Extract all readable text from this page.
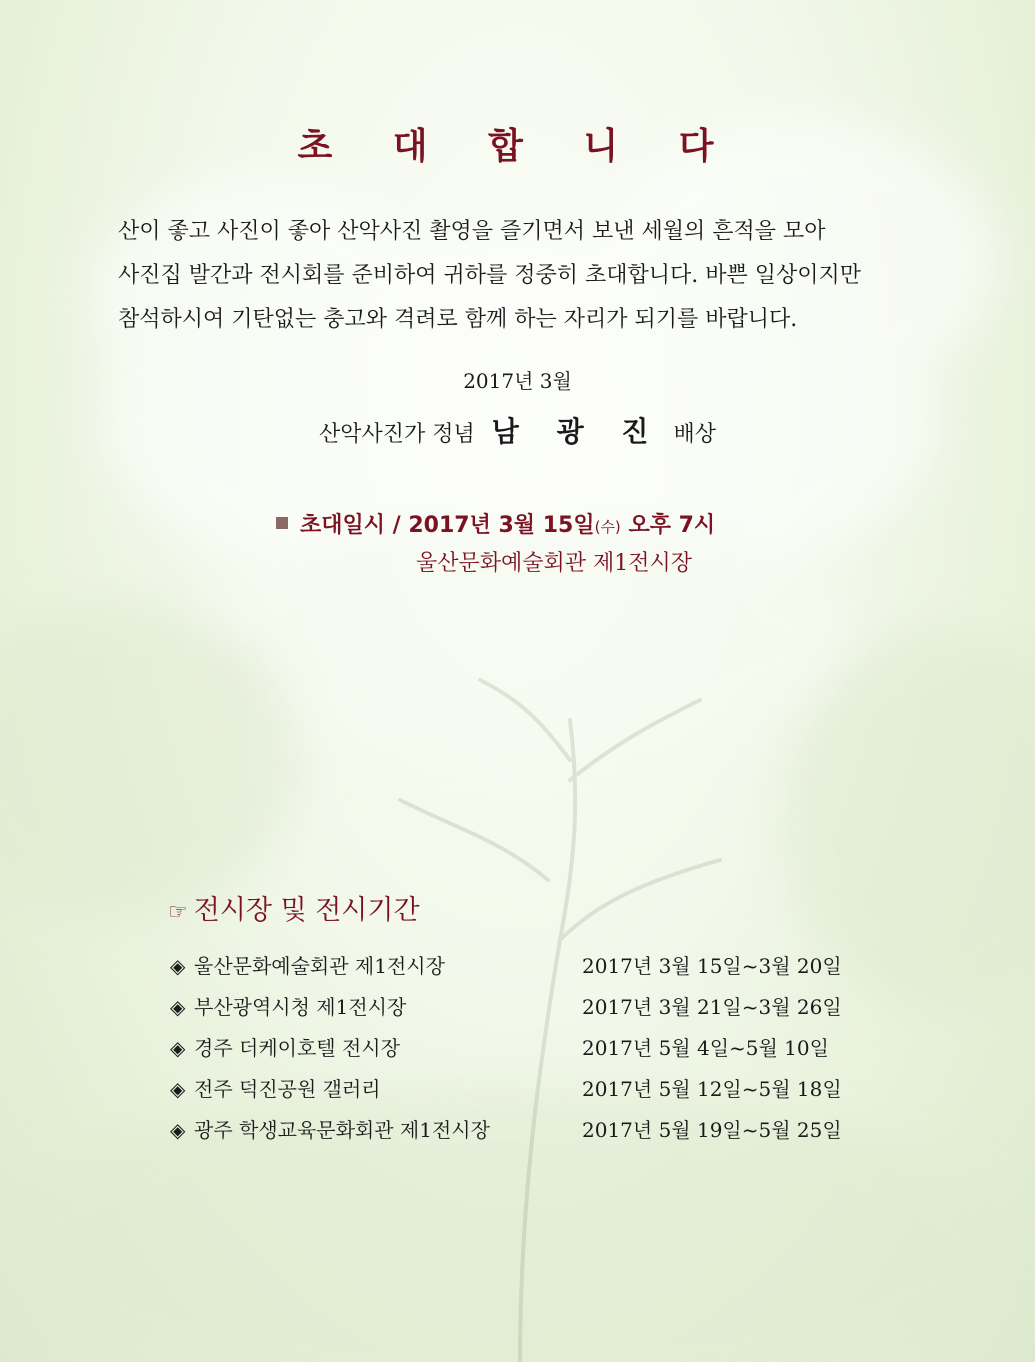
초 대 합 니 다
산이 좋고 사진이 좋아 산악사진 촬영을 즐기면서 보낸 세월의 흔적을 모아
사진집 발간과 전시회를 준비하여 귀하를 정중히 초대합니다. 바쁜 일상이지만
참석하시여 기탄없는 충고와 격려로 함께 하는 자리가 되기를 바랍니다.
2017년 3월
산악사진가 정념 남 광 진 배상
초대일시 / 2017년 3월 15일(수) 오후 7시
울산문화예술회관 제1전시장
☞ 전시장 및 전시기간
◈ 울산문화예술회관 제1전시장	2017년 3월 15일~3월 20일
◈ 부산광역시청 제1전시장	2017년 3월 21일~3월 26일
◈ 경주 더케이호텔 전시장	2017년 5월 4일~5월 10일
◈ 전주 덕진공원 갤러리	2017년 5월 12일~5월 18일
◈ 광주 학생교육문화회관 제1전시장	2017년 5월 19일~5월 25일
